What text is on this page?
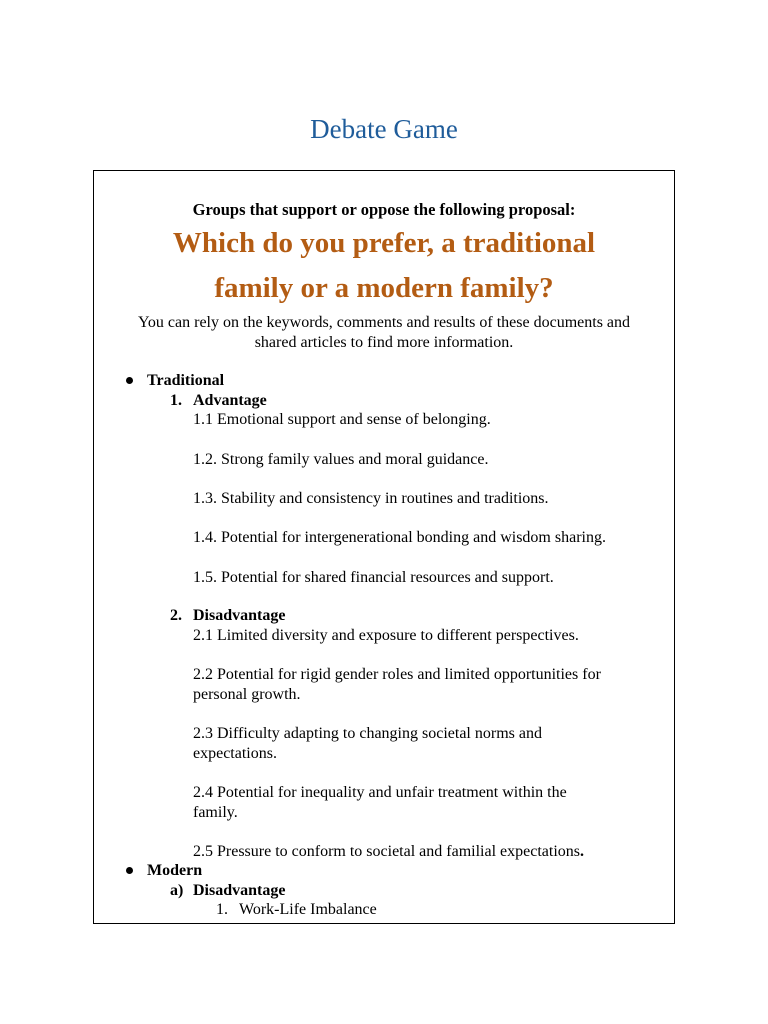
Debate Game
Groups that support or oppose the following proposal:
Which do you prefer, a traditional
family or a modern family?
You can rely on the keywords, comments and results of these documents and
shared articles to find more information.
Traditional
1. Advantage
1.1 Emotional support and sense of belonging.
1.2. Strong family values and moral guidance.
1.3. Stability and consistency in routines and traditions.
1.4. Potential for intergenerational bonding and wisdom sharing.
1.5. Potential for shared financial resources and support.
2. Disadvantage
2.1 Limited diversity and exposure to different perspectives.
2.2 Potential for rigid gender roles and limited opportunities for
personal growth.
2.3 Difficulty adapting to changing societal norms and
expectations.
2.4 Potential for inequality and unfair treatment within the
family.
2.5 Pressure to conform to societal and familial expectations.
Modern
a) Disadvantage
1. Work-Life Imbalance
